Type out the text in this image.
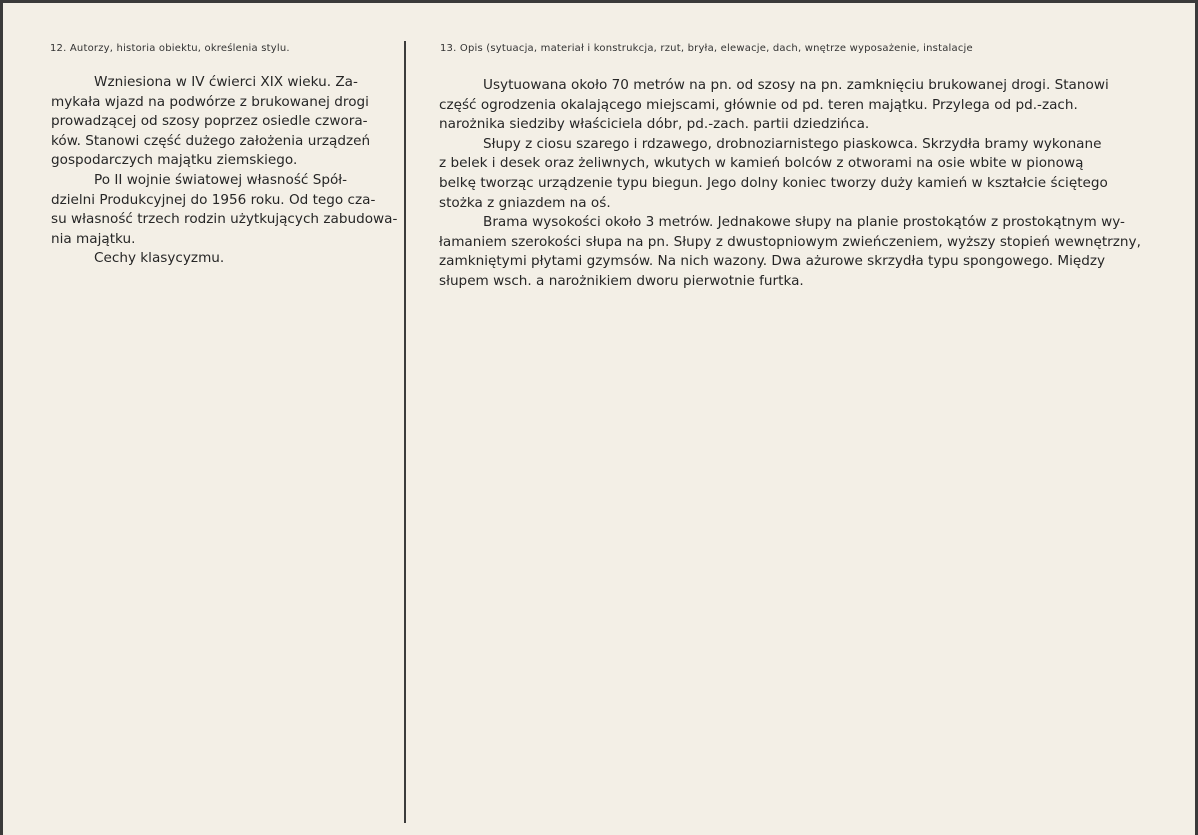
12. Autorzy, historia obiektu, określenia stylu.	13. Opis (sytuacja, materiał i konstrukcja, rzut, bryła, elewacje, dach, wnętrze wyposażenie, instalacje
Wzniesiona w IV ćwierci XIX wieku. Za-
mykała wjazd na podwórze z brukowanej drogi
prowadzącej od szosy poprzez osiedle czwora-
ków. Stanowi część dużego założenia urządzeń
gospodarczych majątku ziemskiego.
Po II wojnie światowej własność Spół-
dzielni Produkcyjnej do 1956 roku. Od tego cza-
su własność trzech rodzin użytkujących zabudowa-
nia majątku.
Cechy klasycyzmu.
Usytuowana około 70 metrów na pn. od szosy na pn. zamknięciu brukowanej drogi. Stanowi
część ogrodzenia okalającego miejscami, głównie od pd. teren majątku. Przylega od pd.-zach.
narożnika siedziby właściciela dóbr, pd.-zach. partii dziedzińca.
Słupy z ciosu szarego i rdzawego, drobnoziarnistego piaskowca. Skrzydła bramy wykonane
z belek i desek oraz żeliwnych, wkutych w kamień bolców z otworami na osie wbite w pionową
belkę tworząc urządzenie typu biegun. Jego dolny koniec tworzy duży kamień w kształcie ściętego
stożka z gniazdem na oś.
Brama wysokości około 3 metrów. Jednakowe słupy na planie prostokątów z prostokątnym wy-
łamaniem szerokości słupa na pn. Słupy z dwustopniowym zwieńczeniem, wyższy stopień wewnętrzny,
zamkniętymi płytami gzymsów. Na nich wazony. Dwa ażurowe skrzydła typu spongowego. Między
słupem wsch. a narożnikiem dworu pierwotnie furtka.
